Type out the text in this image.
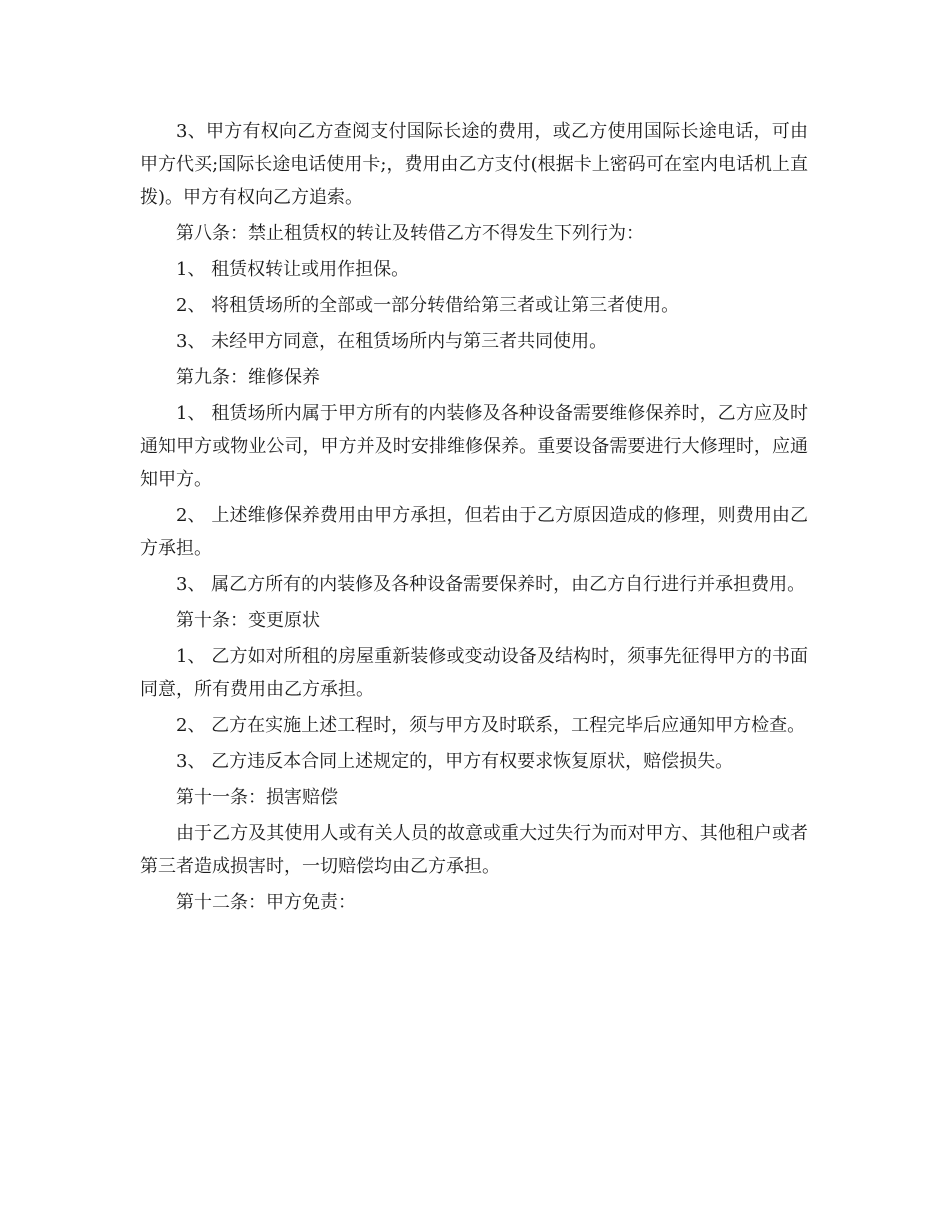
3、甲方有权向乙方查阅支付国际长途的费用，或乙方使用国际长途电话，可由甲方代买;国际长途电话使用卡;，费用由乙方支付(根据卡上密码可在室内电话机上直拨)。甲方有权向乙方追索。

第八条：禁止租赁权的转让及转借乙方不得发生下列行为：

1、 租赁权转让或用作担保。

2、 将租赁场所的全部或一部分转借给第三者或让第三者使用。

3、 未经甲方同意，在租赁场所内与第三者共同使用。

第九条：维修保养

1、 租赁场所内属于甲方所有的内装修及各种设备需要维修保养时，乙方应及时通知甲方或物业公司，甲方并及时安排维修保养。重要设备需要进行大修理时，应通知甲方。

2、 上述维修保养费用由甲方承担，但若由于乙方原因造成的修理，则费用由乙方承担。

3、 属乙方所有的内装修及各种设备需要保养时，由乙方自行进行并承担费用。

第十条：变更原状

1、 乙方如对所租的房屋重新装修或变动设备及结构时，须事先征得甲方的书面同意，所有费用由乙方承担。

2、 乙方在实施上述工程时，须与甲方及时联系，工程完毕后应通知甲方检查。

3、 乙方违反本合同上述规定的，甲方有权要求恢复原状，赔偿损失。

第十一条：损害赔偿

由于乙方及其使用人或有关人员的故意或重大过失行为而对甲方、其他租户或者第三者造成损害时，一切赔偿均由乙方承担。

第十二条：甲方免责：
